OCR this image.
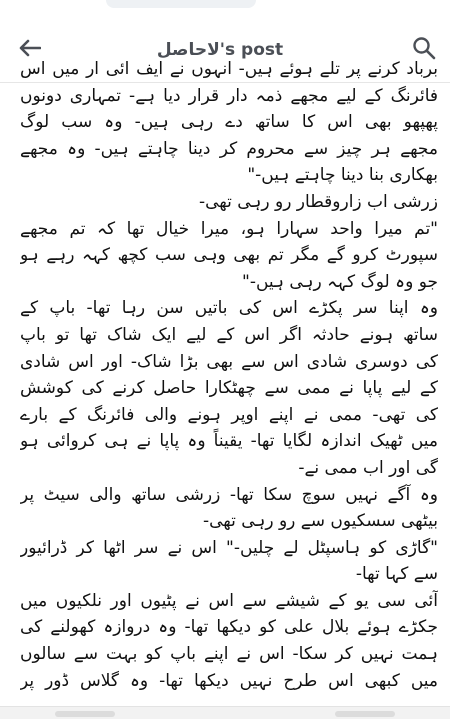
لاحاصل's post
برباد کرنے پر تلے ہوئے ہیں- انہوں نے ایف ائی ار میں اس
فائرنگ کے لیے مجھے ذمہ دار قرار دیا ہے- تمہاری دونوں
پھپھو بھی اس کا ساتھ دے رہی ہیں- وہ سب لوگ
مجھے ہر چیز سے محروم کر دینا چاہتے ہیں- وہ مجھے
بھکاری بنا دینا چاہتے ہیں-"
زرشی اب زاروقطار رو رہی تھی-
"تم میرا واحد سہارا ہو، میرا خیال تھا کہ تم مجھے
سپورٹ کرو گے مگر تم بھی وہی سب کچھ کہہ رہے ہو
جو وہ لوگ کہہ رہی ہیں-"
وہ اپنا سر پکڑے اس کی باتیں سن رہا تھا- باپ کے
ساتھ ہونے حادثہ اگر اس کے لیے ایک شاک تھا تو باپ
کی دوسری شادی اس سے بھی بڑا شاک- اور اس شادی
کے لیے پاپا نے ممی سے چھٹکارا حاصل کرنے کی کوشش
کی تھی- ممی نے اپنے اوپر ہونے والی فائرنگ کے بارے
میں ٹھیک اندازہ لگایا تھا- یقیناً وہ پاپا نے ہی کروائی ہو
گی اور اب ممی نے-
وہ آگے نہیں سوچ سکا تھا- زرشی ساتھ والی سیٹ پر
بیٹھی سسکیوں سے رو رہی تھی-
"گاڑی کو ہاسپٹل لے چلیں-" اس نے سر اٹھا کر ڈرائیور
سے کہا تھا-
آئی سی یو کے شیشے سے اس نے پٹیوں اور نلکیوں میں
جکڑے ہوئے بلال علی کو دیکھا تھا- وہ دروازہ کھولنے کی
ہمت نہیں کر سکا- اس نے اپنے باپ کو بہت سے سالوں
میں کبھی اس طرح نہیں دیکھا تھا- وہ گلاس ڈور پر
